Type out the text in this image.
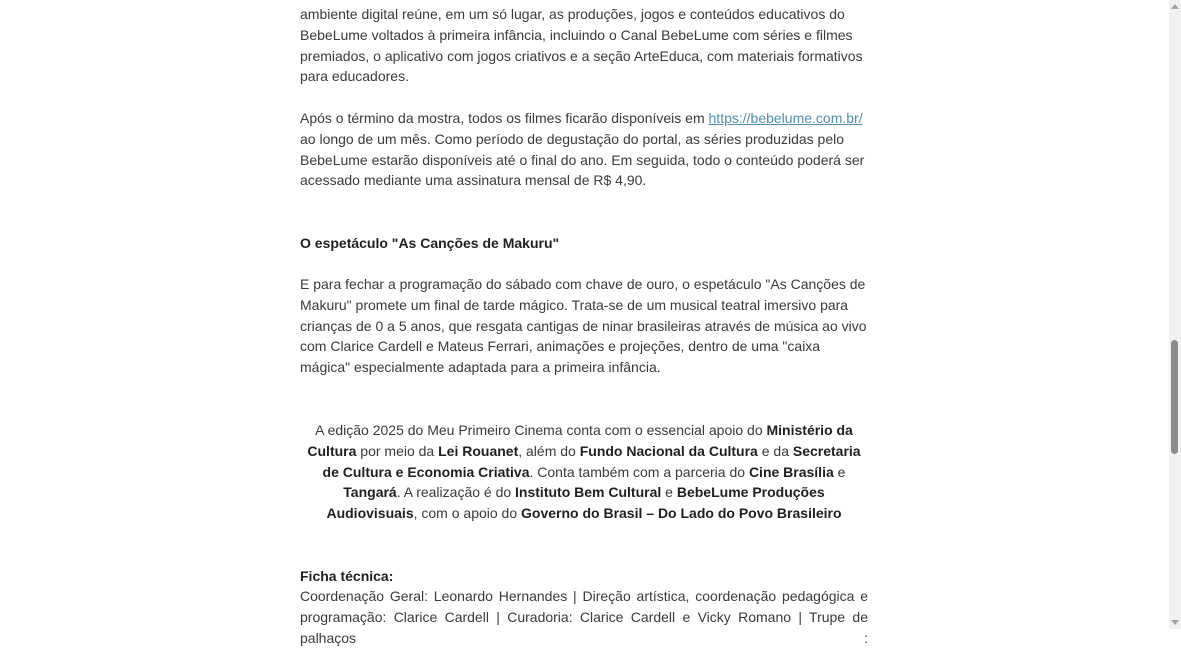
ambiente digital reúne, em um só lugar, as produções, jogos e conteúdos educativos do BebeLume voltados à primeira infância, incluindo o Canal BebeLume com séries e filmes premiados, o aplicativo com jogos criativos e a seção ArteEduca, com materiais formativos para educadores.

Após o término da mostra, todos os filmes ficarão disponíveis em https://bebelume.com.br/ ao longo de um mês. Como período de degustação do portal, as séries produzidas pelo BebeLume estarão disponíveis até o final do ano. Em seguida, todo o conteúdo poderá ser acessado mediante uma assinatura mensal de R$ 4,90.

O espetáculo "As Canções de Makuru"

E para fechar a programação do sábado com chave de ouro, o espetáculo "As Canções de Makuru" promete um final de tarde mágico. Trata-se de um musical teatral imersivo para crianças de 0 a 5 anos, que resgata cantigas de ninar brasileiras através de música ao vivo com Clarice Cardell e Mateus Ferrari, animações e projeções, dentro de uma "caixa mágica" especialmente adaptada para a primeira infância.

A edição 2025 do Meu Primeiro Cinema conta com o essencial apoio do Ministério da Cultura por meio da Lei Rouanet, além do Fundo Nacional da Cultura e da Secretaria de Cultura e Economia Criativa. Conta também com a parceria do Cine Brasília e Tangará. A realização é do Instituto Bem Cultural e BebeLume Produções Audiovisuais, com o apoio do Governo do Brasil – Do Lado do Povo Brasileiro

Ficha técnica:

Coordenação Geral: Leonardo Hernandes | Direção artística, coordenação pedagógica e programação: Clarice Cardell | Curadoria: Clarice Cardell e Vicky Romano | Trupe de palhaços :
